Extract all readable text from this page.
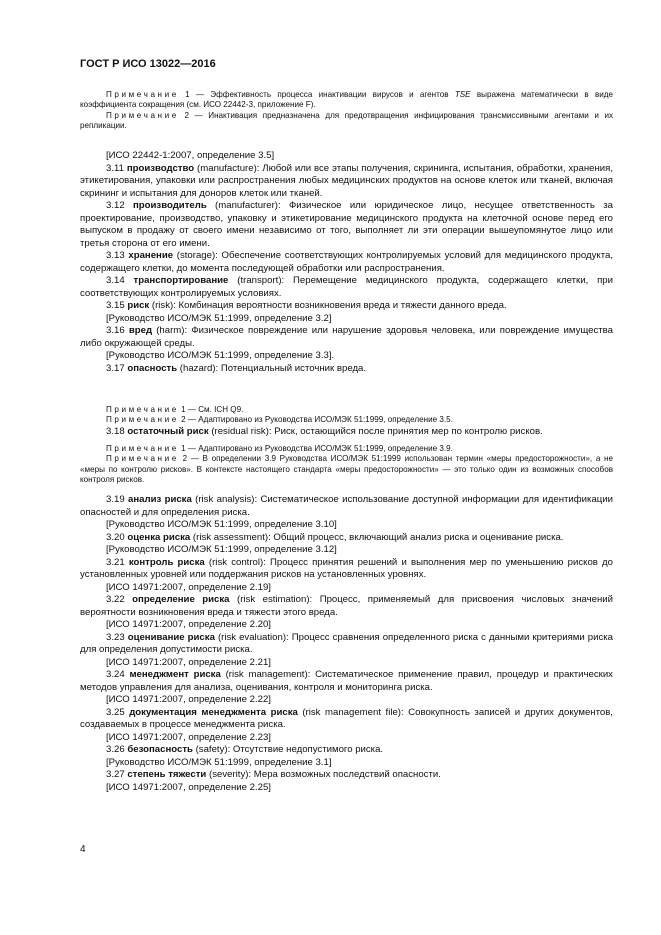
ГОСТ Р ИСО 13022—2016

Примечание 1 — Эффективность процесса инактивации вирусов и агентов TSE выражена математически в виде коэффициента сокращения (см. ИСО 22442-3, приложение F).

Примечание 2 — Инактивация предназначена для предотвращения инфицирования трансмиссивными агентами и их репликации.

[ИСО 22442-1:2007, определение 3.5]

3.11 производство (manufacture): Любой или все этапы получения, скрининга, испытания, обработки, хранения, этикетирования, упаковки или распространения любых медицинских продуктов на основе клеток или тканей, включая скрининг и испытания для доноров клеток или тканей.

3.12 производитель (manufacturer): Физическое или юридическое лицо, несущее ответственность за проектирование, производство, упаковку и этикетирование медицинского продукта на клеточной основе перед его выпуском в продажу от своего имени независимо от того, выполняет ли эти операции вышеупомянутое лицо или третья сторона от его имени.

3.13 хранение (storage): Обеспечение соответствующих контролируемых условий для медицинского продукта, содержащего клетки, до момента последующей обработки или распространения.

3.14 транспортирование (transport): Перемещение медицинского продукта, содержащего клетки, при соответствующих контролируемых условиях.

3.15 риск (risk): Комбинация вероятности возникновения вреда и тяжести данного вреда.

[Руководство ИСО/МЭК 51:1999, определение 3.2]

3.16 вред (harm): Физическое повреждение или нарушение здоровья человека, или повреждение имущества либо окружающей среды.

[Руководство ИСО/МЭК 51:1999, определение 3.3].

3.17 опасность (hazard): Потенциальный источник вреда.

Примечание 1 — См. ICH Q9.

Примечание 2 — Адаптировано из Руководства ИСО/МЭК 51:1999, определение 3.5.

3.18 остаточный риск (residual risk): Риск, остающийся после принятия мер по контролю рисков.

Примечание 1 — Адаптировано из Руководства ИСО/МЭК 51:1999, определение 3.9.

Примечание 2 — В определении 3.9 Руководства ИСО/МЭК 51:1999 использован термин «меры предосторожности», а не «меры по контролю рисков». В контексте настоящего стандарта «меры предосторожности» — это только один из возможных способов контроля рисков.

3.19 анализ риска (risk analysis): Систематическое использование доступной информации для идентификации опасностей и для определения риска.

[Руководство ИСО/МЭК 51:1999, определение 3.10]

3.20 оценка риска (risk assessment): Общий процесс, включающий анализ риска и оценивание риска.

[Руководство ИСО/МЭК 51:1999, определение 3.12]

3.21 контроль риска (risk control): Процесс принятия решений и выполнения мер по уменьшению рисков до установленных уровней или поддержания рисков на установленных уровнях.

[ИСО 14971:2007, определение 2.19]

3.22 определение риска (risk estimation): Процесс, применяемый для присвоения числовых значений вероятности возникновения вреда и тяжести этого вреда.

[ИСО 14971:2007, определение 2.20]

3.23 оценивание риска (risk evaluation): Процесс сравнения определенного риска с данными критериями риска для определения допустимости риска.

[ИСО 14971:2007, определение 2.21]

3.24 менеджмент риска (risk management): Систематическое применение правил, процедур и практических методов управления для анализа, оценивания, контроля и мониторинга риска.

[ИСО 14971:2007, определение 2.22]

3.25 документация менеджмента риска (risk management file): Совокупность записей и других документов, создаваемых в процессе менеджмента риска.

[ИСО 14971:2007, определение 2.23]

3.26 безопасность (safety): Отсутствие недопустимого риска.

[Руководство ИСО/МЭК 51:1999, определение 3.1]

3.27 степень тяжести (severity): Мера возможных последствий опасности.

[ИСО 14971:2007, определение 2.25]

4
